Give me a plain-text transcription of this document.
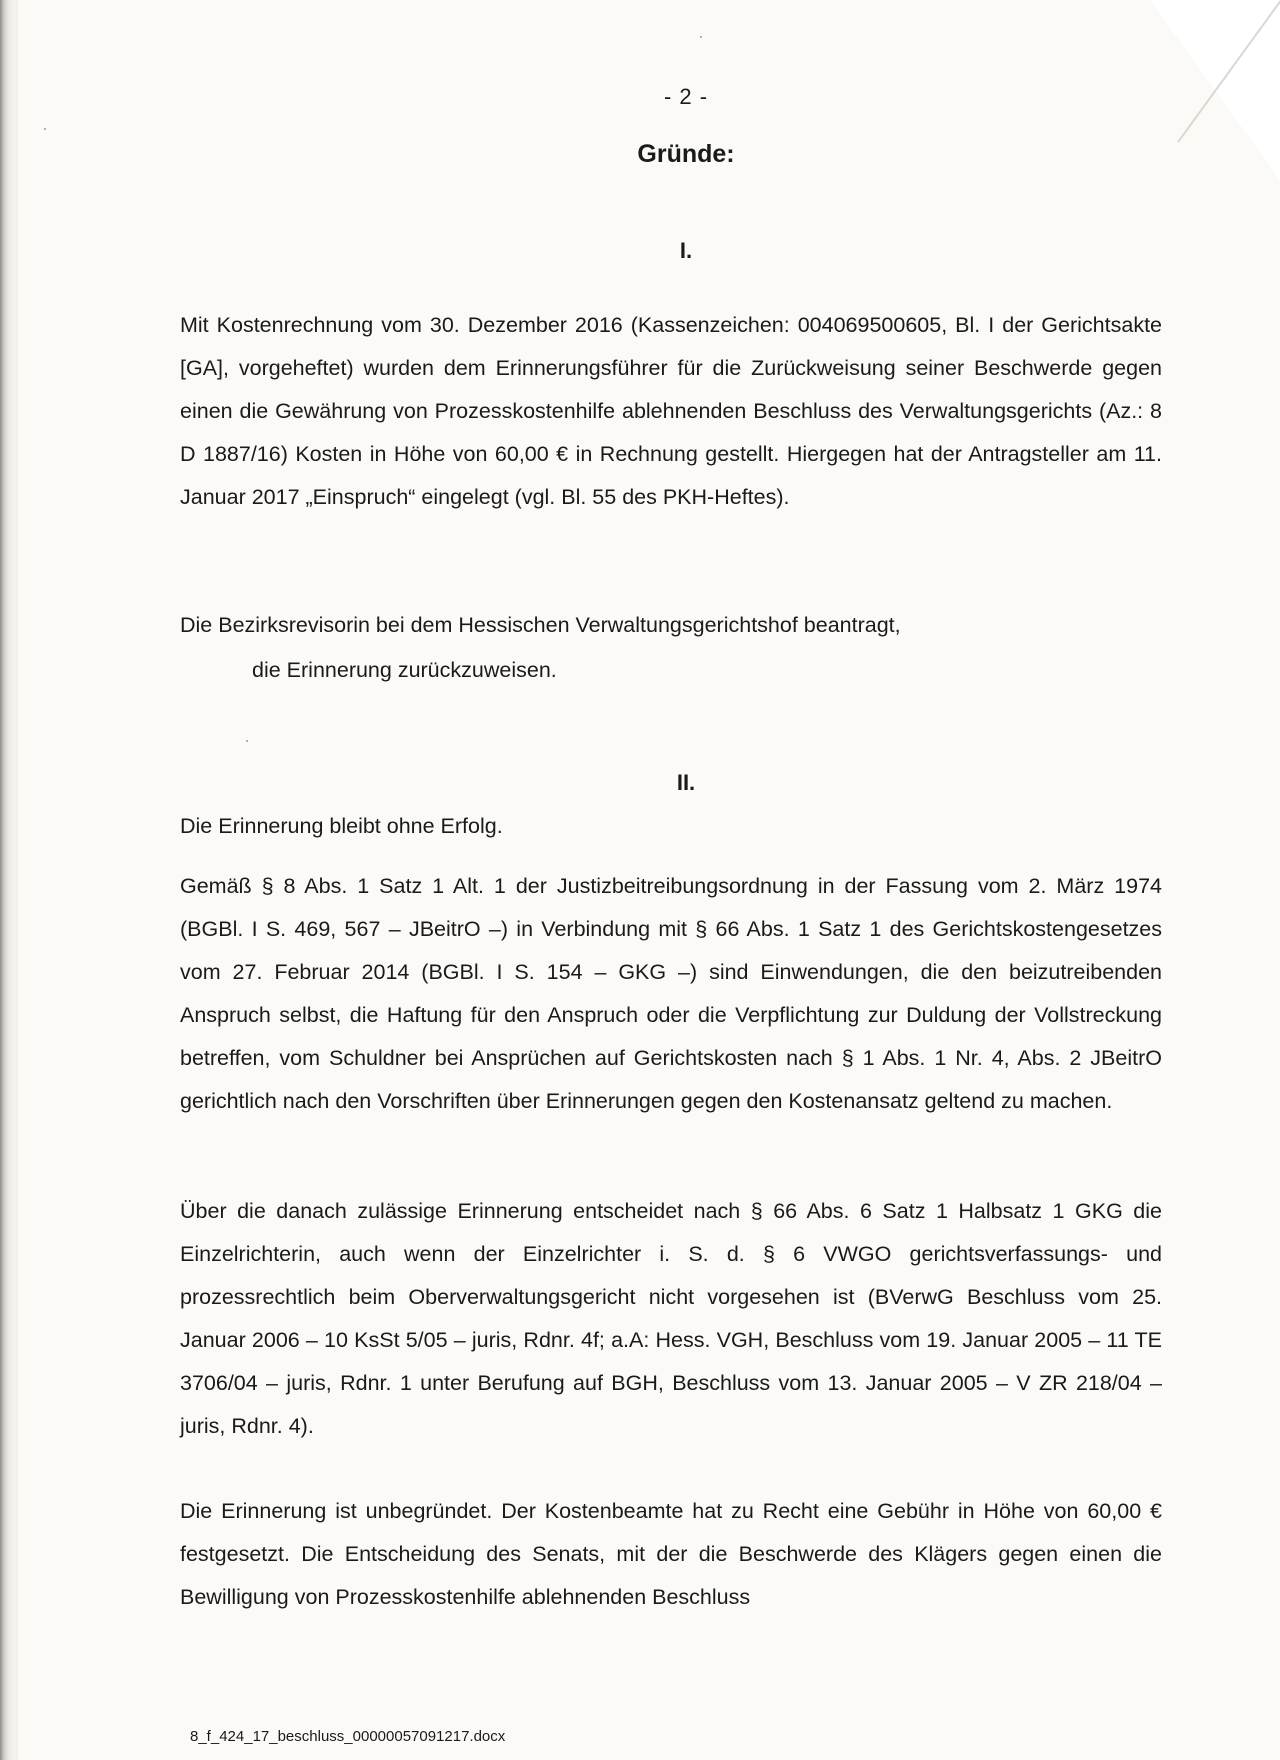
- 2 -
Gründe:
I.
Mit Kostenrechnung vom 30. Dezember 2016 (Kassenzeichen: 004069500605, Bl. I der Gerichtsakte [GA], vorgeheftet) wurden dem Erinnerungsführer für die Zurückweisung seiner Beschwerde gegen einen die Gewährung von Prozesskostenhilfe ablehnenden Beschluss des Verwaltungsgerichts (Az.: 8 D 1887/16) Kosten in Höhe von 60,00 € in Rechnung gestellt. Hiergegen hat der Antragsteller am 11. Januar 2017 „Einspruch“ eingelegt (vgl. Bl. 55 des PKH-Heftes).
Die Bezirksrevisorin bei dem Hessischen Verwaltungsgerichtshof beantragt,
die Erinnerung zurückzuweisen.
II.
Die Erinnerung bleibt ohne Erfolg.
Gemäß § 8 Abs. 1 Satz 1 Alt. 1 der Justizbeitreibungsordnung in der Fassung vom 2. März 1974 (BGBl. I S. 469, 567 – JBeitrO –) in Verbindung mit § 66 Abs. 1 Satz 1 des Gerichtskostengesetzes vom 27. Februar 2014 (BGBl. I S. 154 – GKG –) sind Einwendungen, die den beizutreibenden Anspruch selbst, die Haftung für den Anspruch oder die Verpflichtung zur Duldung der Vollstreckung betreffen, vom Schuldner bei Ansprüchen auf Gerichtskosten nach § 1 Abs. 1 Nr. 4, Abs. 2 JBeitrO gerichtlich nach den Vorschriften über Erinnerungen gegen den Kostenansatz geltend zu machen.
Über die danach zulässige Erinnerung entscheidet nach § 66 Abs. 6 Satz 1 Halbsatz 1 GKG die Einzelrichterin, auch wenn der Einzelrichter i. S. d. § 6 VWGO gerichtsverfassungs- und prozessrechtlich beim Oberverwaltungsgericht nicht vorgesehen ist (BVerwG Beschluss vom 25. Januar 2006 – 10 KsSt 5/05 – juris, Rdnr. 4f; a.A: Hess. VGH, Beschluss vom 19. Januar 2005 – 11 TE 3706/04 – juris, Rdnr. 1 unter Berufung auf BGH, Beschluss vom 13. Januar 2005 – V ZR 218/04 – juris, Rdnr. 4).
Die Erinnerung ist unbegründet. Der Kostenbeamte hat zu Recht eine Gebühr in Höhe von 60,00 € festgesetzt. Die Entscheidung des Senats, mit der die Beschwerde des Klägers gegen einen die Bewilligung von Prozesskostenhilfe ablehnenden Beschluss
8_f_424_17_beschluss_00000057091217.docx
